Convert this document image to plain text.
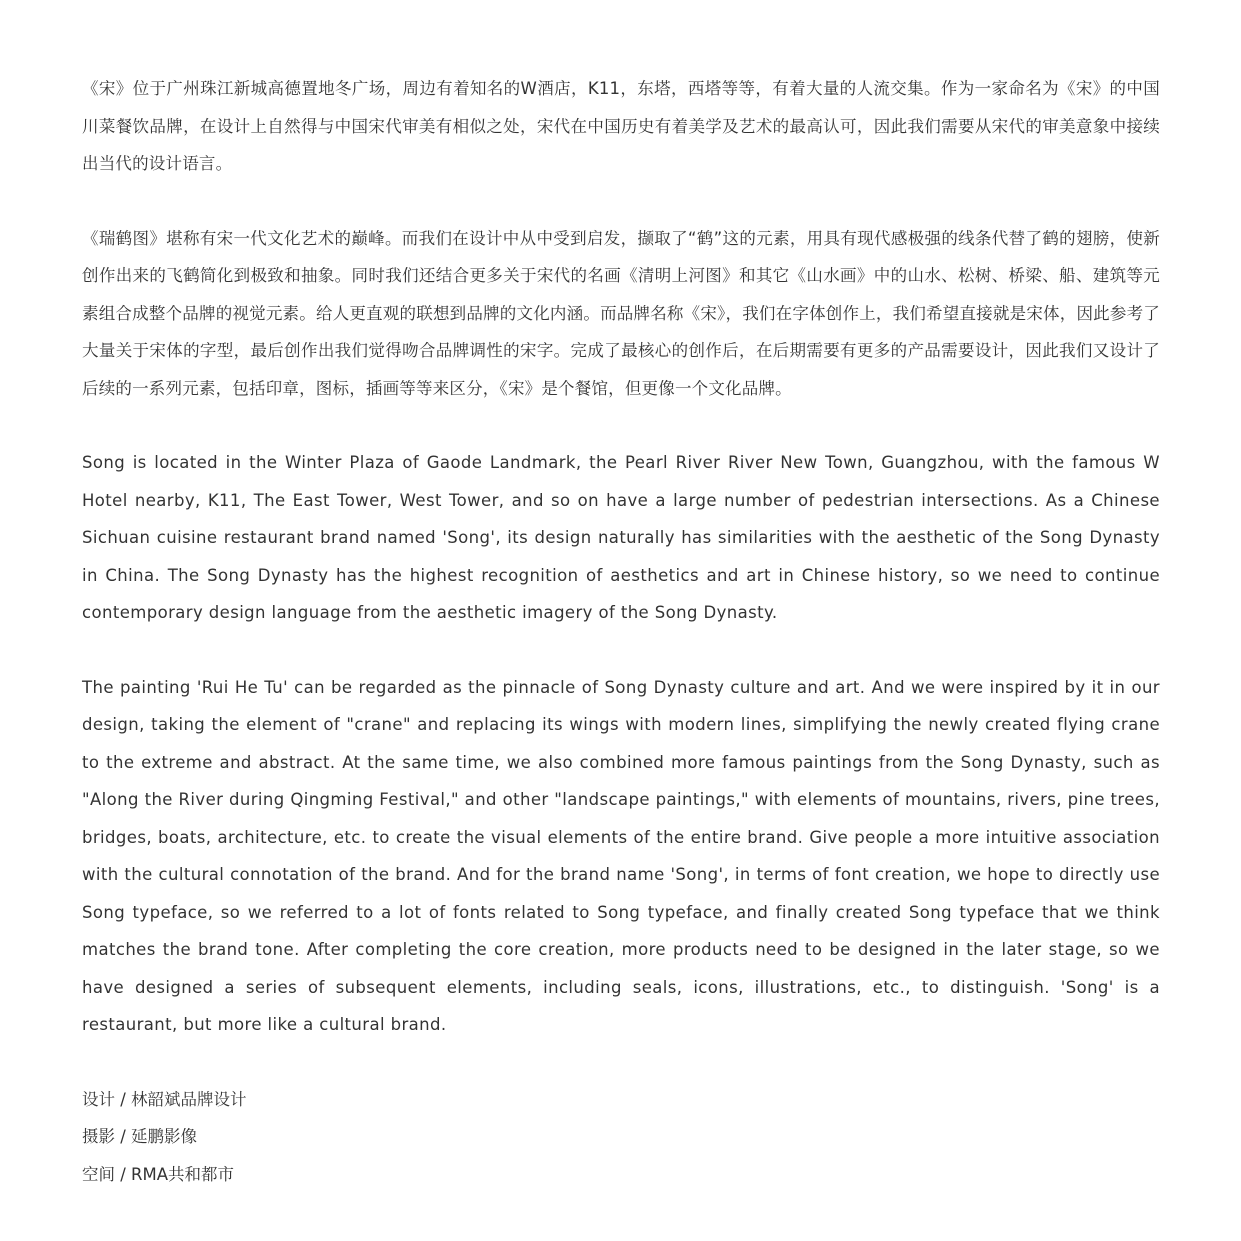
《宋》位于广州珠江新城高德置地冬广场，周边有着知名的W酒店，K11，东塔，西塔等等，有着大量的人流交集。作为一家命名为《宋》的中国川菜餐饮品牌，在设计上自然得与中国宋代审美有相似之处，宋代在中国历史有着美学及艺术的最高认可，因此我们需要从宋代的审美意象中接续出当代的设计语言。

《瑞鹤图》堪称有宋一代文化艺术的巅峰。而我们在设计中从中受到启发，撷取了“鹤”这的元素，用具有现代感极强的线条代替了鹤的翅膀，使新创作出来的飞鹤简化到极致和抽象。同时我们还结合更多关于宋代的名画《清明上河图》和其它《山水画》中的山水、松树、桥梁、船、建筑等元素组合成整个品牌的视觉元素。给人更直观的联想到品牌的文化内涵。而品牌名称《宋》，我们在字体创作上，我们希望直接就是宋体，因此参考了大量关于宋体的字型，最后创作出我们觉得吻合品牌调性的宋字。完成了最核心的创作后，在后期需要有更多的产品需要设计，因此我们又设计了后续的一系列元素，包括印章，图标，插画等等来区分，《宋》是个餐馆，但更像一个文化品牌。

Song is located in the Winter Plaza of Gaode Landmark, the Pearl River River New Town, Guangzhou, with the famous W Hotel nearby, K11, The East Tower, West Tower, and so on have a large number of pedestrian intersections. As a Chinese Sichuan cuisine restaurant brand named 'Song', its design naturally has similarities with the aesthetic of the Song Dynasty in China. The Song Dynasty has the highest recognition of aesthetics and art in Chinese history, so we need to continue contemporary design language from the aesthetic imagery of the Song Dynasty.

The painting 'Rui He Tu' can be regarded as the pinnacle of Song Dynasty culture and art. And we were inspired by it in our design, taking the element of "crane" and replacing its wings with modern lines, simplifying the newly created flying crane to the extreme and abstract. At the same time, we also combined more famous paintings from the Song Dynasty, such as "Along the River during Qingming Festival," and other "landscape paintings," with elements of mountains, rivers, pine trees, bridges, boats, architecture, etc. to create the visual elements of the entire brand. Give people a more intuitive association with the cultural connotation of the brand. And for the brand name 'Song', in terms of font creation, we hope to directly use Song typeface, so we referred to a lot of fonts related to Song typeface, and finally created Song typeface that we think matches the brand tone. After completing the core creation, more products need to be designed in the later stage, so we have designed a series of subsequent elements, including seals, icons, illustrations, etc., to distinguish. 'Song' is a restaurant, but more like a cultural brand.

设计 / 林韶斌品牌设计

摄影 / 延鹏影像

空间 / RMA共和都市
